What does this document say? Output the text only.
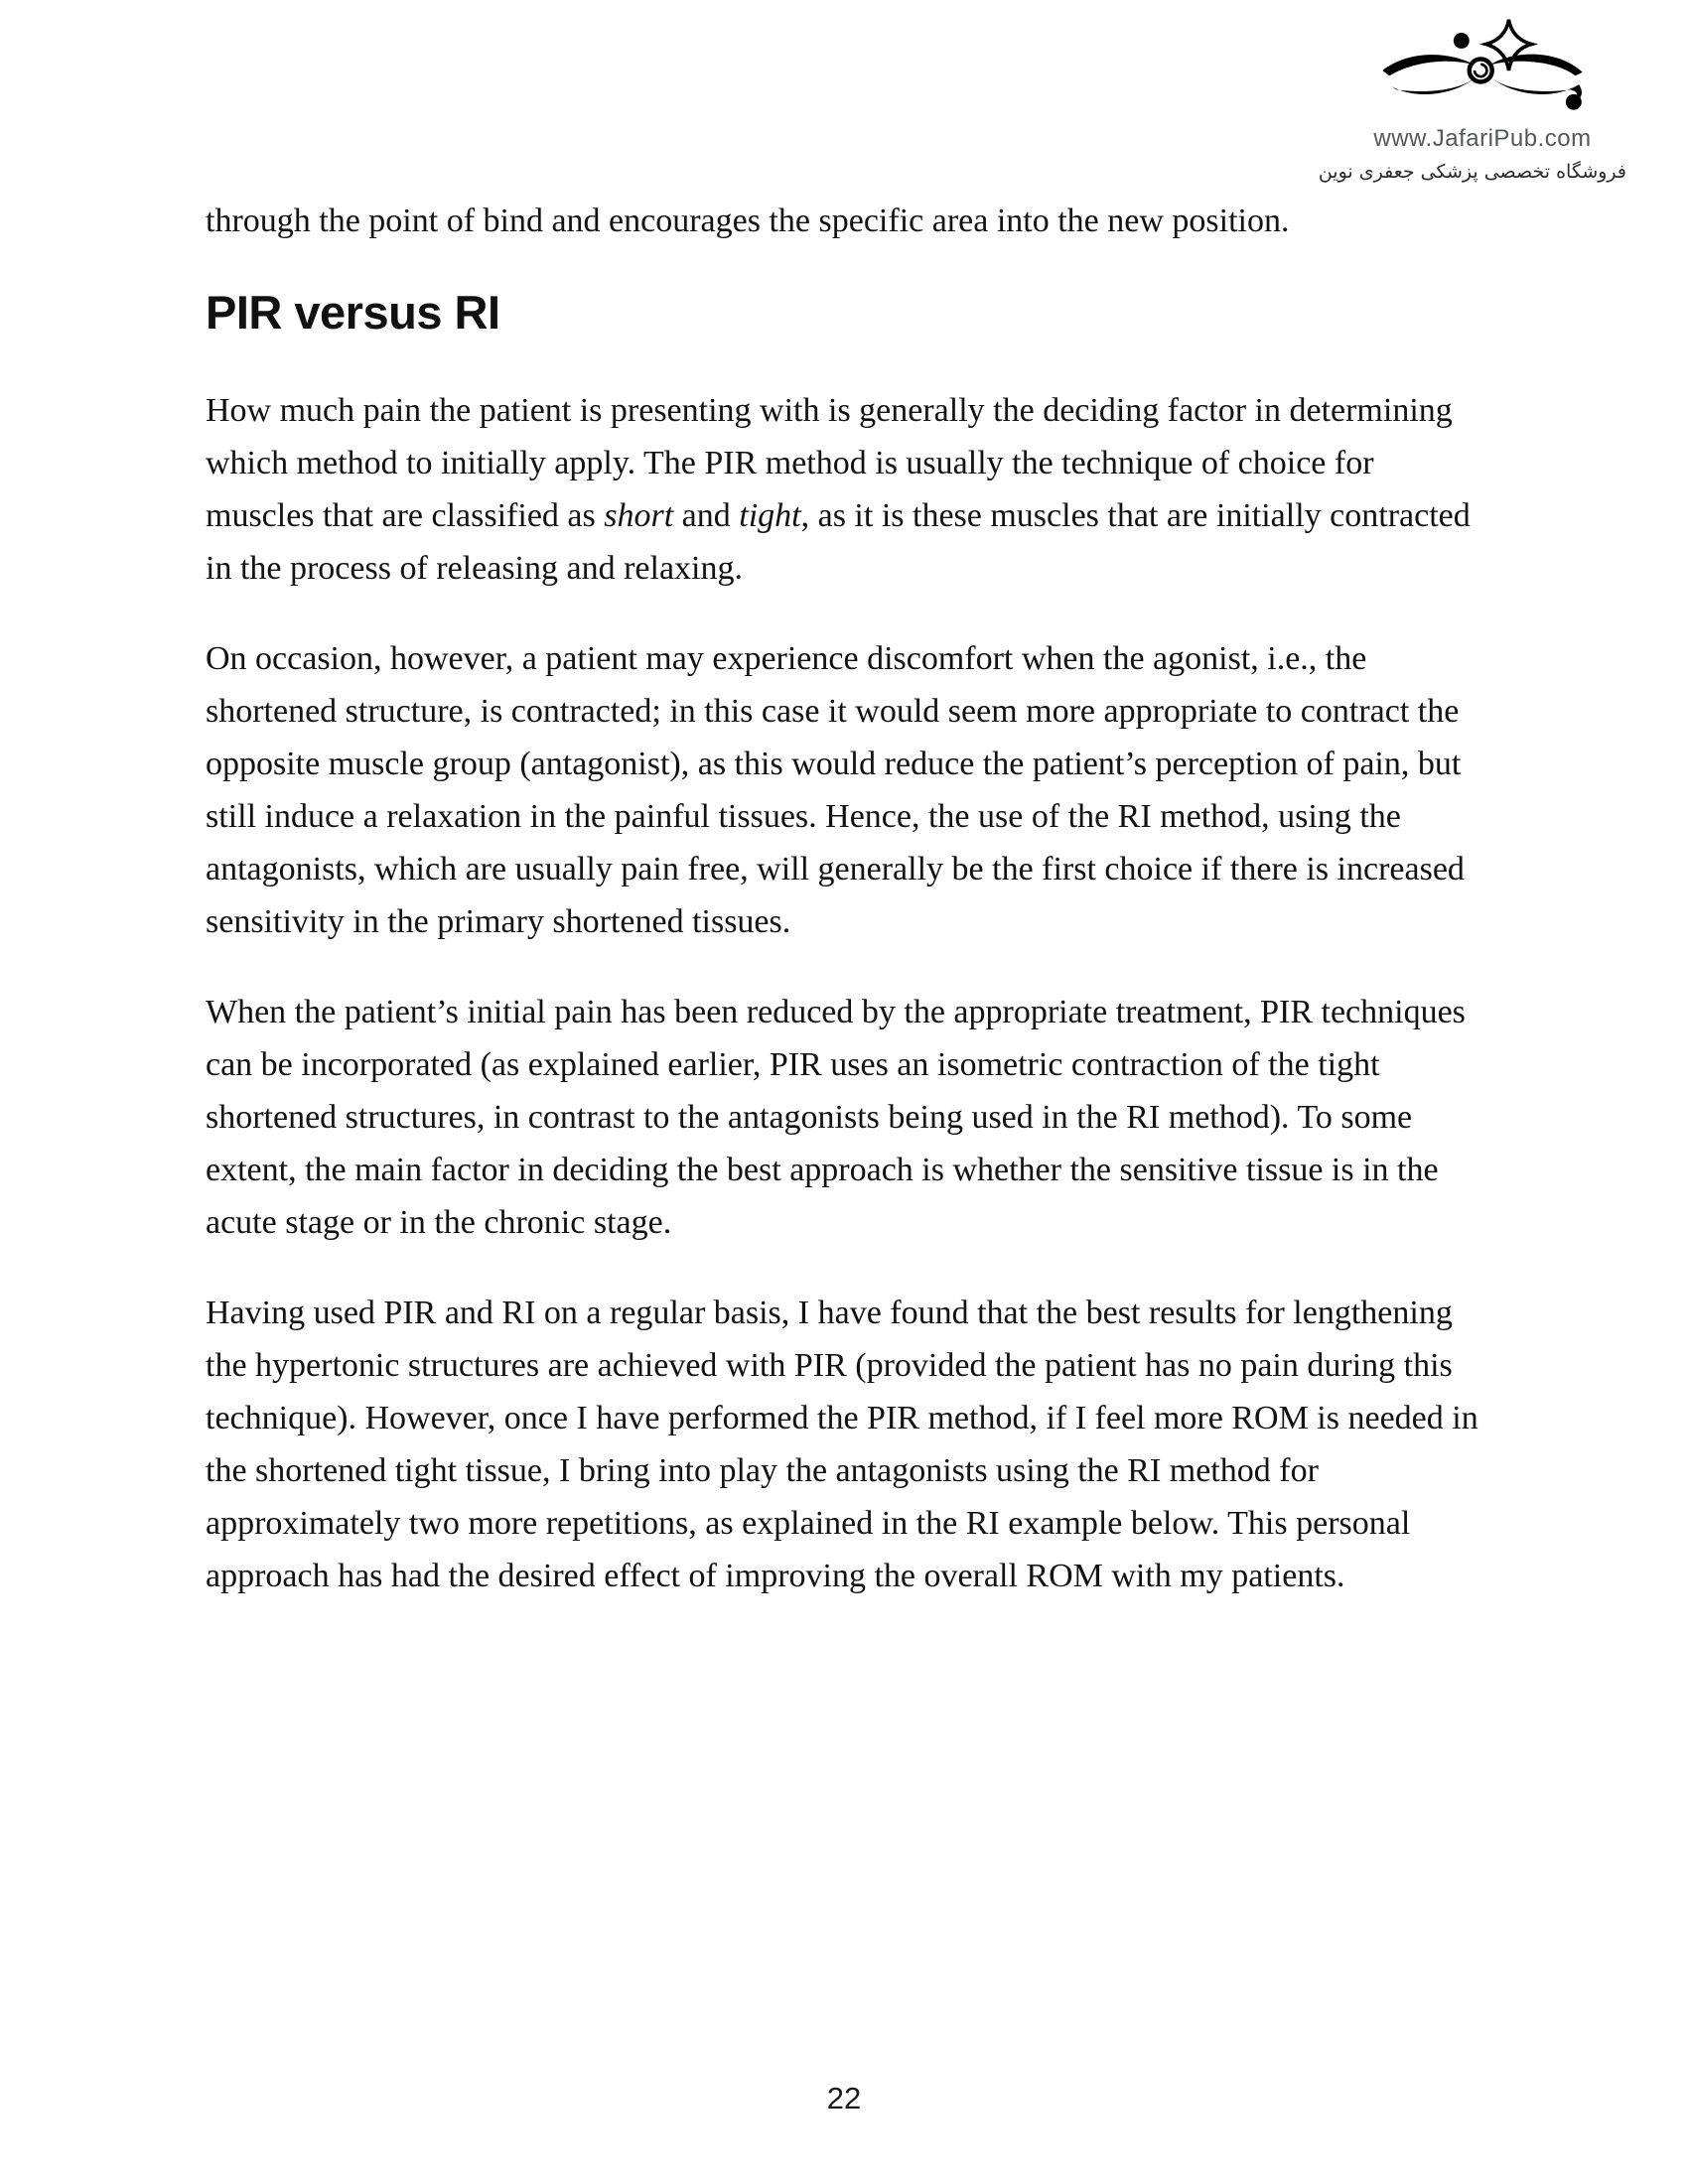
www.JafariPub.com
فروشگاه تخصصی پزشکی جعفری نوین

through the point of bind and encourages the specific area into the new position.

PIR versus RI

How much pain the patient is presenting with is generally the deciding factor in determining which method to initially apply. The PIR method is usually the technique of choice for muscles that are classified as short and tight, as it is these muscles that are initially contracted in the process of releasing and relaxing.

On occasion, however, a patient may experience discomfort when the agonist, i.e., the shortened structure, is contracted; in this case it would seem more appropriate to contract the opposite muscle group (antagonist), as this would reduce the patient’s perception of pain, but still induce a relaxation in the painful tissues. Hence, the use of the RI method, using the antagonists, which are usually pain free, will generally be the first choice if there is increased sensitivity in the primary shortened tissues.

When the patient’s initial pain has been reduced by the appropriate treatment, PIR techniques can be incorporated (as explained earlier, PIR uses an isometric contraction of the tight shortened structures, in contrast to the antagonists being used in the RI method). To some extent, the main factor in deciding the best approach is whether the sensitive tissue is in the acute stage or in the chronic stage.

Having used PIR and RI on a regular basis, I have found that the best results for lengthening the hypertonic structures are achieved with PIR (provided the patient has no pain during this technique). However, once I have performed the PIR method, if I feel more ROM is needed in the shortened tight tissue, I bring into play the antagonists using the RI method for approximately two more repetitions, as explained in the RI example below. This personal approach has had the desired effect of improving the overall ROM with my patients.

22
